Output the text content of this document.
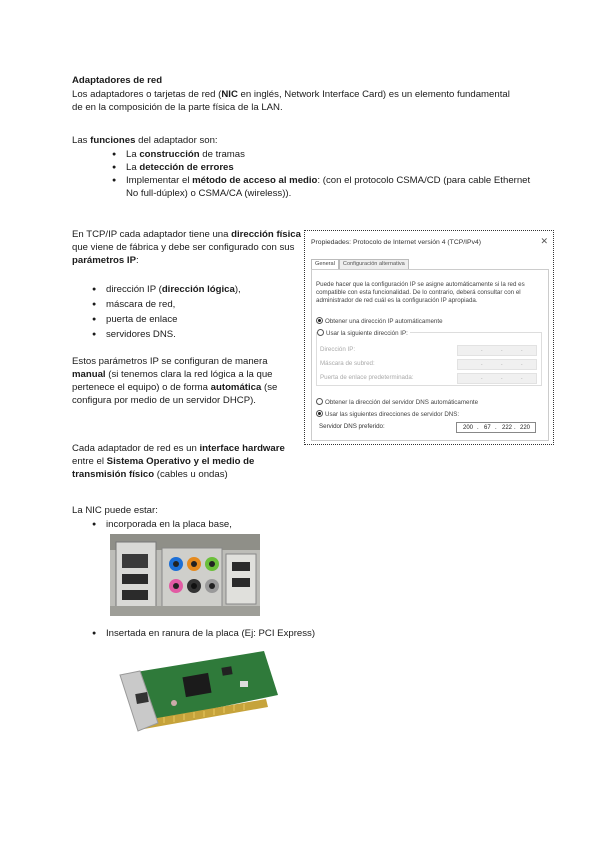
Adaptadores de red

Los adaptadores o tarjetas de red (NIC en inglés, Network Interface Card) es un elemento fundamental de en la composición de la parte física de la LAN.

Las funciones del adaptador son:

● La construcción de tramas
● La detección de errores
● Implementar el método de acceso al medio: (con el protocolo CSMA/CD (para cable Ethernet No full-dúplex) o CSMA/CA (wireless)).

En TCP/IP cada adaptador tiene una dirección física que viene de fábrica y debe ser configurado con sus parámetros IP:

● dirección IP (dirección lógica),
● máscara de red,
● puerta de enlace
● servidores DNS.

Estos parámetros IP se configuran de manera manual (si tenemos clara la red lógica a la que pertenece el equipo) o de forma automática (se configura por medio de un servidor DHCP).

Cada adaptador de red es un interface hardware entre el Sistema Operativo y el medio de transmisión físico (cables u ondas)

La NIC puede estar:

● incorporada en la placa base,
● Insertada en ranura de la placa (Ej: PCI Express)
Propiedades: Protocolo de Internet versión 4 (TCP/IPv4)	✕
General Configuración alternativa
Puede hacer que la configuración IP se asigne automáticamente si la red es compatible con esta funcionalidad. De lo contrario, deberá consultar con el administrador de red cuál es la configuración IP apropiada.
Obtener una dirección IP automáticamente
Usar la siguiente dirección IP:
Dirección IP:	.	.	.
Máscara de subred:	.	.	.
Puerta de enlace predeterminada:	.	.	.
Obtener la dirección del servidor DNS automáticamente
Usar las siguientes direcciones de servidor DNS:
Servidor DNS preferido:	200 . 67 . 222 . 220
